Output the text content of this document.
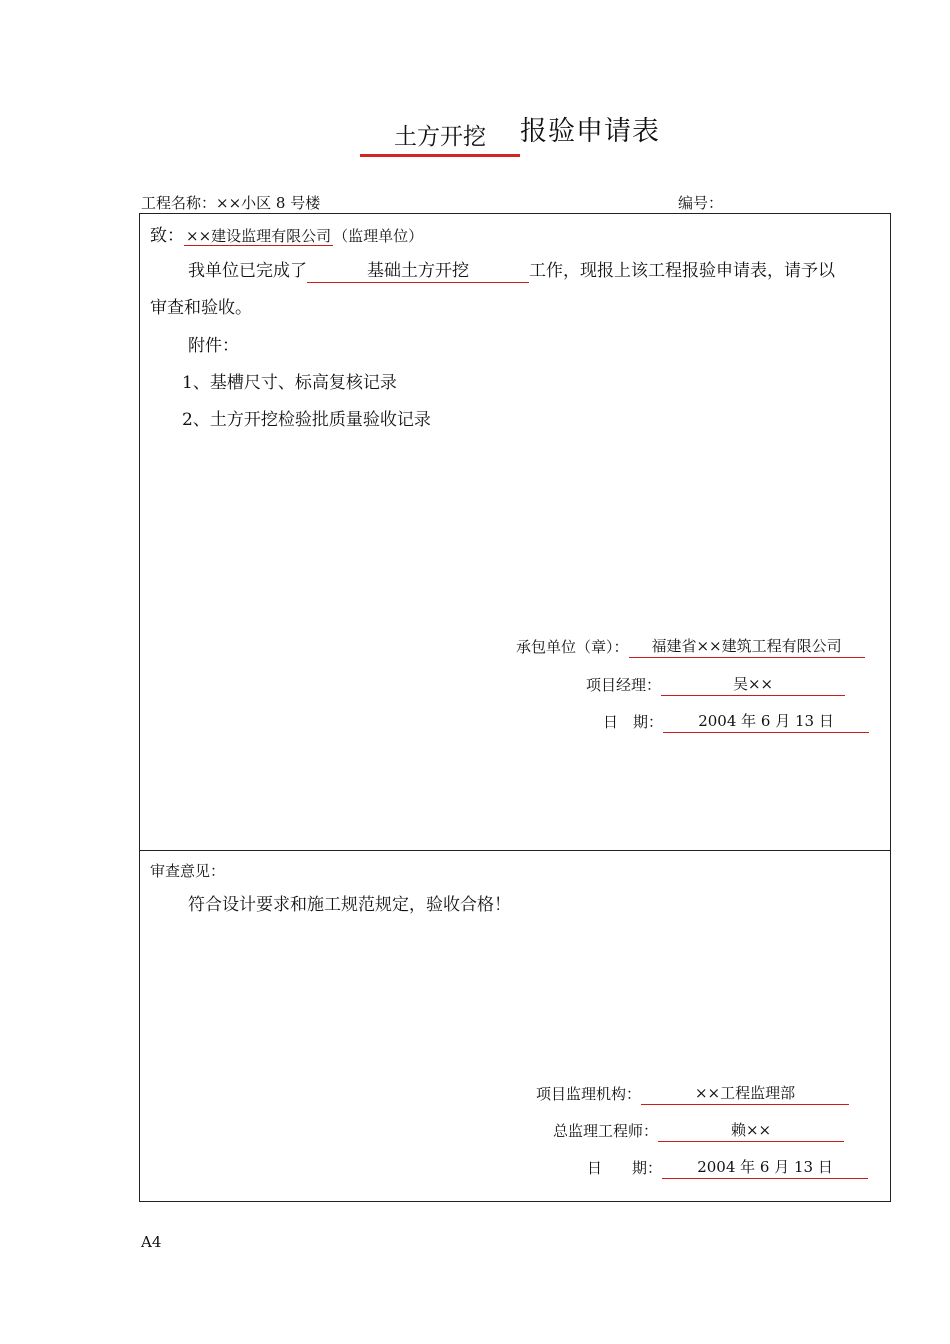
土方开挖	报验申请表
工程名称：××小区 8 号楼	编号：
致： ××建设监理有限公司 （监理单位）
我单位已完成了	基础土方开挖	工作，现报上该工程报验申请表，请予以
审查和验收。
附件：
1、基槽尺寸、标高复核记录
2、土方开挖检验批质量验收记录
承包单位（章）：	福建省××建筑工程有限公司
项目经理：	吴××
日　期：	2004 年 6 月 13 日
审查意见：
符合设计要求和施工规范规定，验收合格！
项目监理机构：	××工程监理部
总监理工程师：	赖××
日　　期：	2004 年 6 月 13 日
A4
